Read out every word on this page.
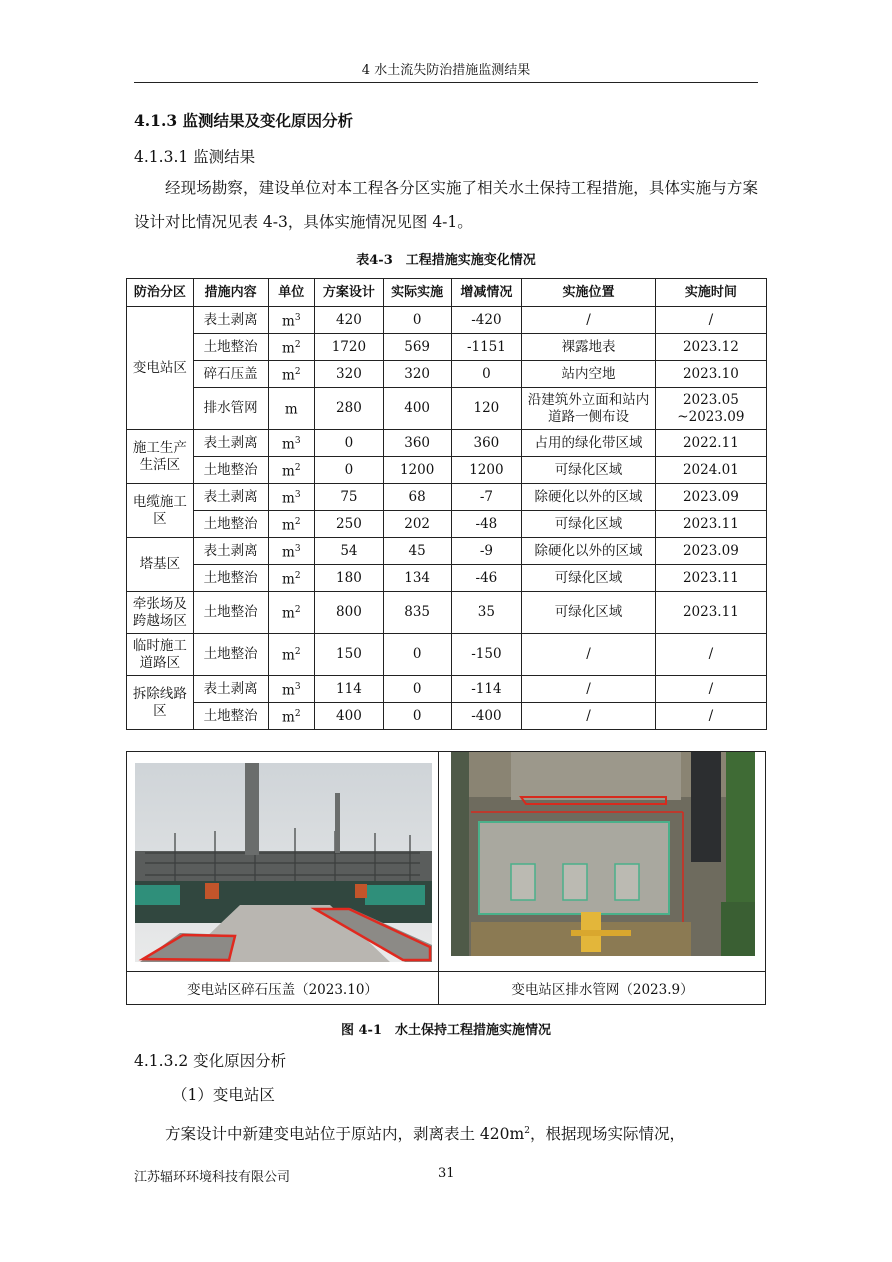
4 水土流失防治措施监测结果
4.1.3 监测结果及变化原因分析
4.1.3.1 监测结果

经现场勘察，建设单位对本工程各分区实施了相关水土保持工程措施，具体实施与方案设计对比情况见表 4-3，具体实施情况见图 4-1。

表4-3　工程措施实施变化情况
防治分区	措施内容	单位	方案设计	实际实施	增减情况	实施位置	实施时间
变电站区	表土剥离	$m^3$	420	0	-420	/	/
	土地整治	$m^2$	1720	569	-1151	裸露地表	2023.12
	碎石压盖	$m^2$	320	320	0	站内空地	2023.10
	排水管网	m	280	400	120	沿建筑外立面和站内道路一侧布设	2023.05 ~2023.09
施工生产生活区	表土剥离	$m^3$	0	360	360	占用的绿化带区域	2022.11
	土地整治	$m^2$	0	1200	1200	可绿化区域	2024.01
电缆施工区	表土剥离	$m^3$	75	68	-7	除硬化以外的区域	2023.09
	土地整治	$m^2$	250	202	-48	可绿化区域	2023.11
塔基区	表土剥离	$m^3$	54	45	-9	除硬化以外的区域	2023.09
	土地整治	$m^2$	180	134	-46	可绿化区域	2023.11
牵张场及跨越场区	土地整治	$m^2$	800	835	35	可绿化区域	2023.11
临时施工道路区	土地整治	$m^2$	150	0	-150	/	/
拆除线路区	表土剥离	$m^3$	114	0	-114	/	/
	土地整治	$m^2$	400	0	-400	/	/
变电站区碎石压盖（2023.10）	变电站区排水管网（2023.9）
图 4-1　水土保持工程措施实施情况
4.1.3.2 变化原因分析
（1）变电站区

方案设计中新建变电站位于原站内，剥离表土 $420m^2$，根据现场实际情况，

江苏辐环环境科技有限公司	31
